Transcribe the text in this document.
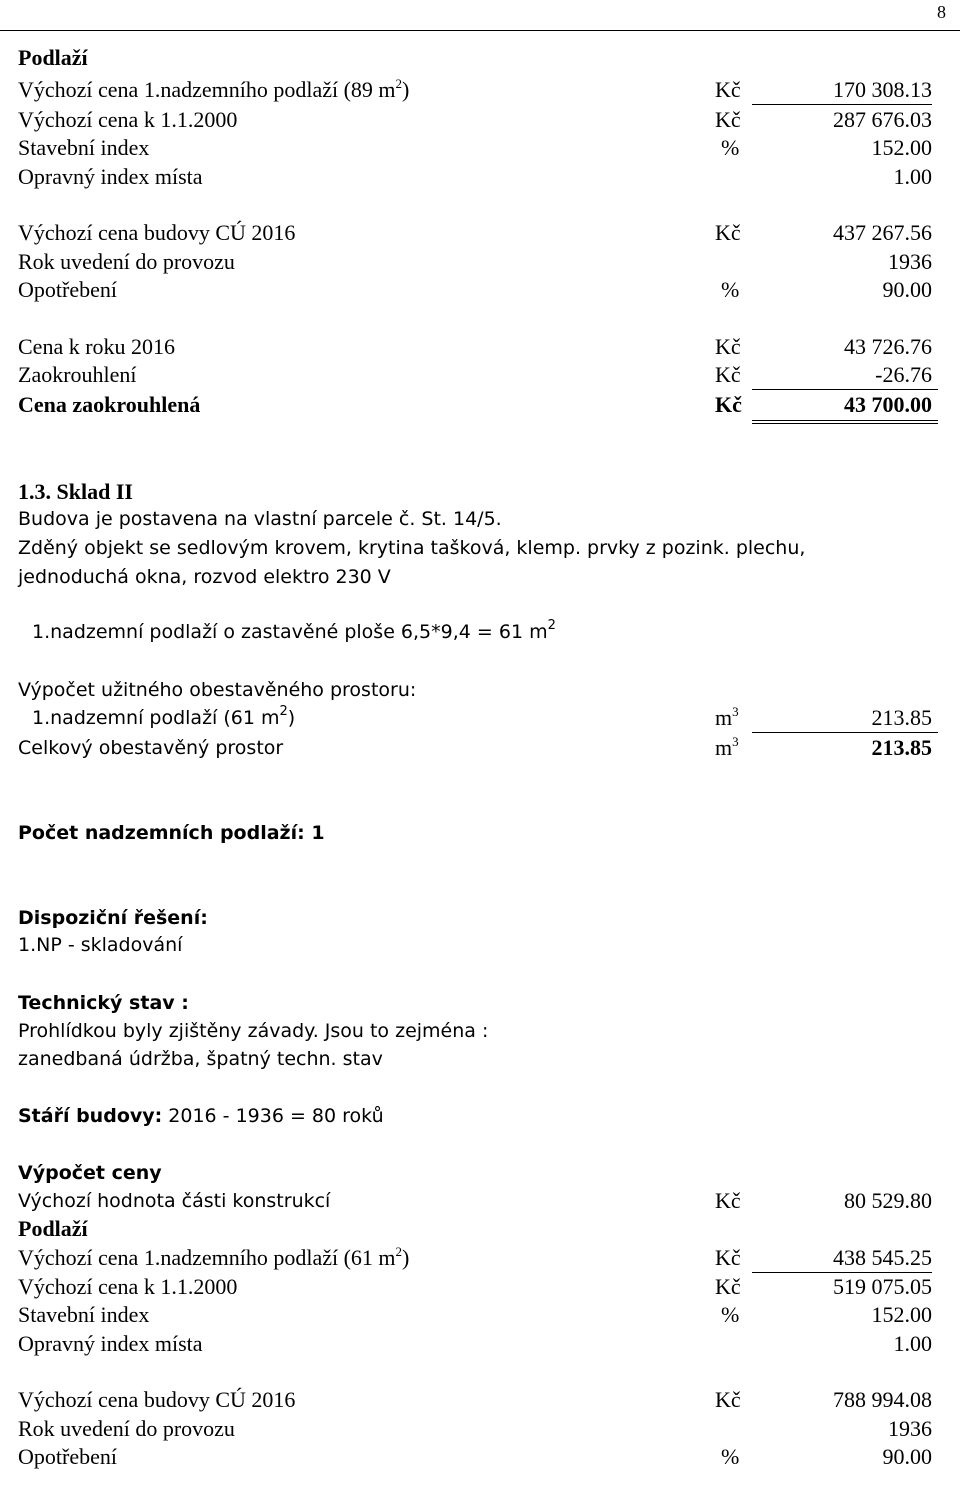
8
Podlaží
Výchozí cena 1.nadzemního podlaží (89 $m^2$)	Kč	170 308.13
Výchozí cena k 1.1.2000	Kč	287 676.03
Stavební index	%	152.00
Opravný index místa	1.00
Výchozí cena budovy CÚ 2016	Kč	437 267.56
Rok uvedení do provozu	1936
Opotřebení	%	90.00
Cena k roku 2016	Kč	43 726.76
Zaokrouhlení	Kč	-26.76
Cena zaokrouhlená	Kč	43 700.00
1.3. Sklad II
Budova je postavena na vlastní parcele č. St. 14/5.
Zděný objekt se sedlovým krovem, krytina tašková, klemp. prvky z pozink. plechu,
jednoduchá okna, rozvod elektro 230 V
1.nadzemní podlaží o zastavěné ploše 6,5*9,4 = 61 $m^2$
Výpočet užitného obestavěného prostoru:
1.nadzemní podlaží (61 $m^2$)	$m^3$	213.85
Celkový obestavěný prostor	$m^3$	213.85
Počet nadzemních podlaží: 1
Dispoziční řešení:
1.NP - skladování
Technický stav :
Prohlídkou byly zjištěny závady. Jsou to zejména :
zanedbaná údržba, špatný techn. stav
Stáří budovy: 2016 - 1936 = 80 roků
Výpočet ceny
Výchozí hodnota části konstrukcí	Kč	80 529.80
Podlaží
Výchozí cena 1.nadzemního podlaží (61 $m^2$)	Kč	438 545.25
Výchozí cena k 1.1.2000	Kč	519 075.05
Stavební index	%	152.00
Opravný index místa	1.00
Výchozí cena budovy CÚ 2016	Kč	788 994.08
Rok uvedení do provozu	1936
Opotřebení	%	90.00
